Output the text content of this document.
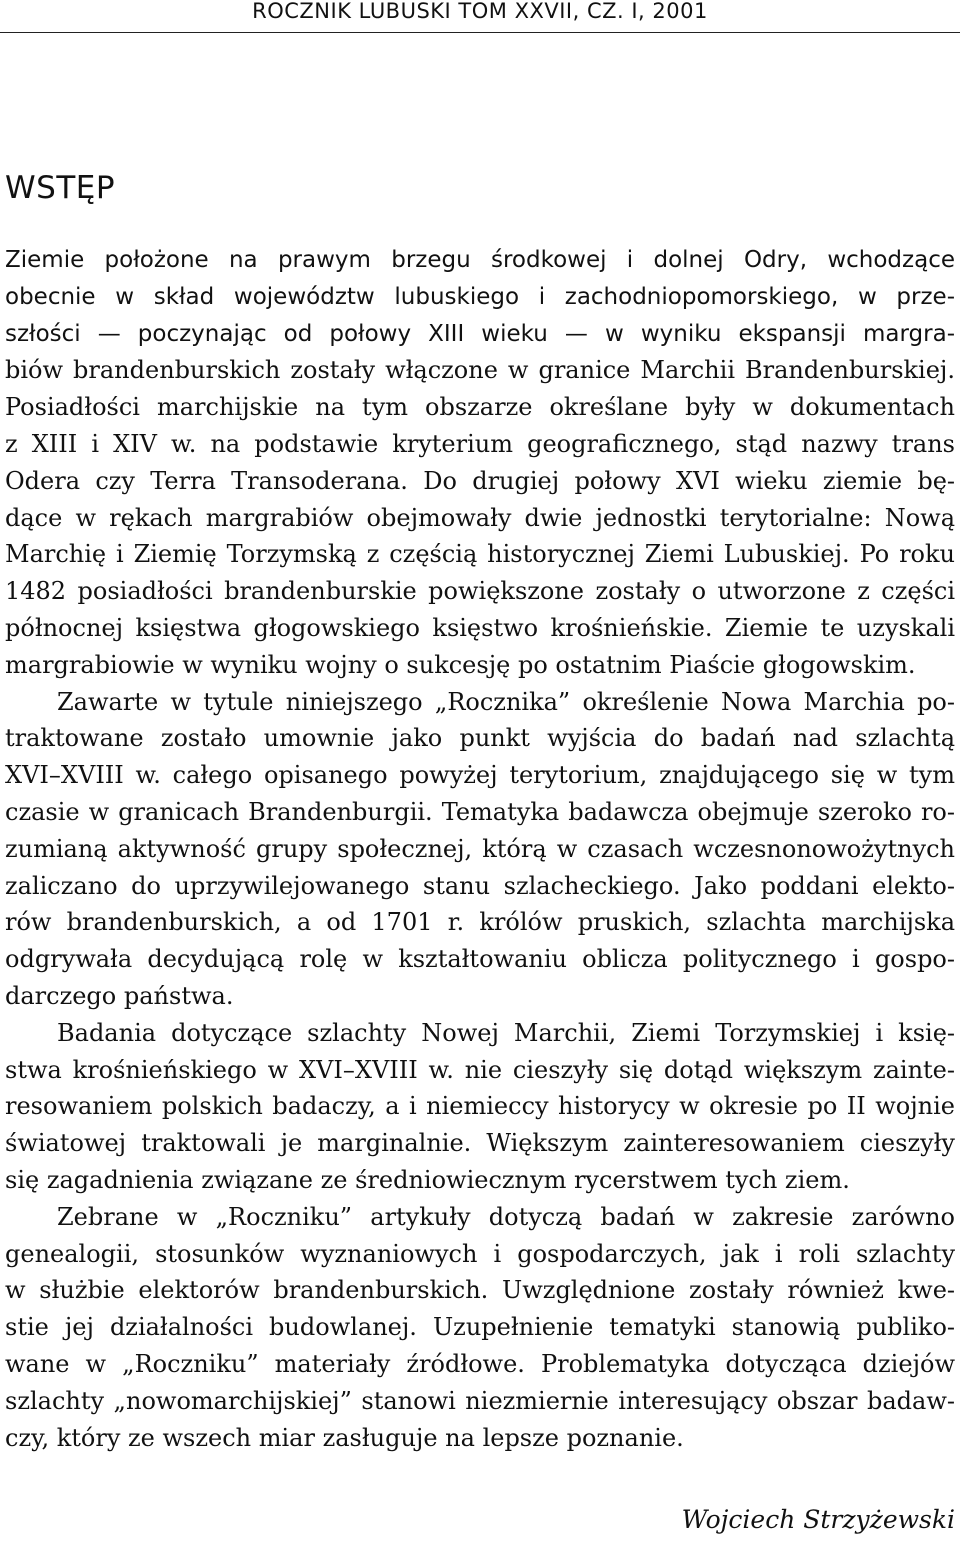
ROCZNIK LUBUSKI TOM XXVII, CZ. I, 2001
WSTĘP
Ziemie położone na prawym brzegu środkowej i dolnej Odry, wchodzące
obecnie w skład województw lubuskiego i zachodniopomorskiego, w prze-
szłości — poczynając od połowy XIII wieku — w wyniku ekspansji margra-
biów brandenburskich zostały włączone w granice Marchii Brandenburskiej.
Posiadłości marchijskie na tym obszarze określane były w dokumentach
z XIII i XIV w. na podstawie kryterium geograficznego, stąd nazwy trans
Odera czy Terra Transoderana. Do drugiej połowy XVI wieku ziemie bę-
dące w rękach margrabiów obejmowały dwie jednostki terytorialne: Nową
Marchię i Ziemię Torzymską z częścią historycznej Ziemi Lubuskiej. Po roku
1482 posiadłości brandenburskie powiększone zostały o utworzone z części
północnej księstwa głogowskiego księstwo krośnieńskie. Ziemie te uzyskali
margrabiowie w wyniku wojny o sukcesję po ostatnim Piaście głogowskim.
Zawarte w tytule niniejszego „Rocznika” określenie Nowa Marchia po-
traktowane zostało umownie jako punkt wyjścia do badań nad szlachtą
XVI–XVIII w. całego opisanego powyżej terytorium, znajdującego się w tym
czasie w granicach Brandenburgii. Tematyka badawcza obejmuje szeroko ro-
zumianą aktywność grupy społecznej, którą w czasach wczesnonowożytnych
zaliczano do uprzywilejowanego stanu szlacheckiego. Jako poddani elekto-
rów brandenburskich, a od 1701 r. królów pruskich, szlachta marchijska
odgrywała decydującą rolę w kształtowaniu oblicza politycznego i gospo-
darczego państwa.
Badania dotyczące szlachty Nowej Marchii, Ziemi Torzymskiej i księ-
stwa krośnieńskiego w XVI–XVIII w. nie cieszyły się dotąd większym zainte-
resowaniem polskich badaczy, a i niemieccy historycy w okresie po II wojnie
światowej traktowali je marginalnie. Większym zainteresowaniem cieszyły
się zagadnienia związane ze średniowiecznym rycerstwem tych ziem.
Zebrane w „Roczniku” artykuły dotyczą badań w zakresie zarówno
genealogii, stosunków wyznaniowych i gospodarczych, jak i roli szlachty
w służbie elektorów brandenburskich. Uwzględnione zostały również kwe-
stie jej działalności budowlanej. Uzupełnienie tematyki stanowią publiko-
wane w „Roczniku” materiały źródłowe. Problematyka dotycząca dziejów
szlachty „nowomarchijskiej” stanowi niezmiernie interesujący obszar badaw-
czy, który ze wszech miar zasługuje na lepsze poznanie.
Wojciech Strzyżewski
